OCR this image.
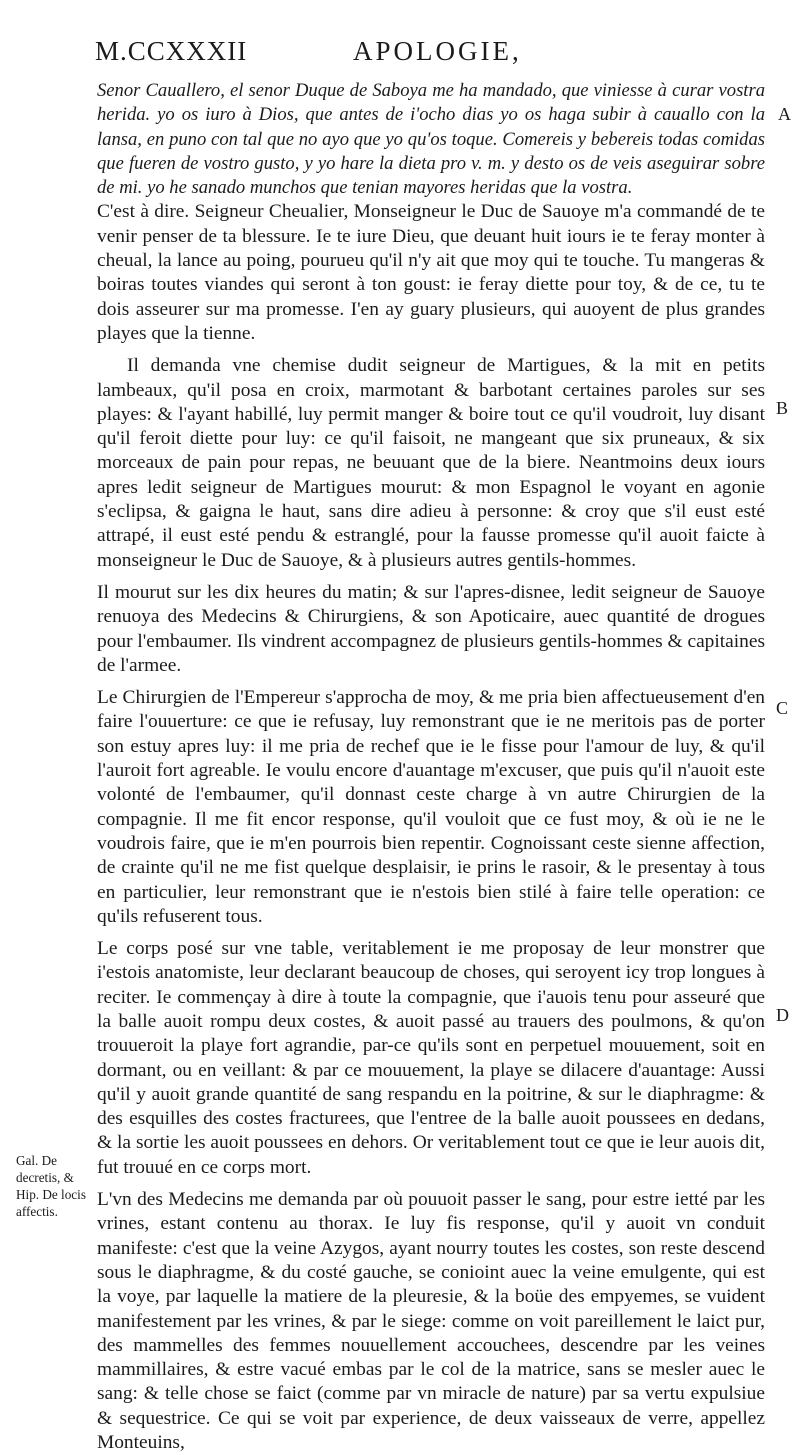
M.CCXXXII	APOLOGIE,

Senor Cauallero, el senor Duque de Saboya me ha mandado, que viniesse à curar vostra herida. yo os iuro à Dios, que antes de i'ocho dias yo os haga subir à cauallo con la lansa, en puno con tal que no ayo que yo qu'os toque. Comereis y bebereis todas comidas que fueren de vostro gusto, y yo hare la dieta pro v. m. y desto os de veis aseguirar sobre de mi. yo he sanado munchos que tenian mayores heridas que la vostra.

C'est à dire. Seigneur Cheualier, Monseigneur le Duc de Sauoye m'a commandé de te venir penser de ta blessure. Ie te iure Dieu, que deuant huit iours ie te feray monter à cheual, la lance au poing, pourueu qu'il n'y ait que moy qui te touche. Tu mangeras & boiras toutes viandes qui seront à ton goust: ie feray diette pour toy, & de ce, tu te dois asseurer sur ma promesse. I'en ay guary plusieurs, qui auoyent de plus grandes playes que la tienne.

Il demanda vne chemise dudit seigneur de Martigues, & la mit en petits lambeaux, qu'il posa en croix, marmotant & barbotant certaines paroles sur ses playes: & l'ayant habillé, luy permit manger & boire tout ce qu'il voudroit, luy disant qu'il feroit diette pour luy: ce qu'il faisoit, ne mangeant que six pruneaux, & six morceaux de pain pour repas, ne beuuant que de la biere. Neantmoins deux iours apres ledit seigneur de Martigues mourut: & mon Espagnol le voyant en agonie s'eclipsa, & gaigna le haut, sans dire adieu à personne: & croy que s'il eust esté attrapé, il eust esté pendu & estranglé, pour la fausse promesse qu'il auoit faicte à monseigneur le Duc de Sauoye, & à plusieurs autres gentils-hommes.

Il mourut sur les dix heures du matin; & sur l'apres-disnee, ledit seigneur de Sauoye renuoya des Medecins & Chirurgiens, & son Apoticaire, auec quantité de drogues pour l'embaumer. Ils vindrent accompagnez de plusieurs gentils-hommes & capitaines de l'armee.

Le Chirurgien de l'Empereur s'approcha de moy, & me pria bien affectueusement d'en faire l'ouuerture: ce que ie refusay, luy remonstrant que ie ne meritois pas de porter son estuy apres luy: il me pria de rechef que ie le fisse pour l'amour de luy, & qu'il l'auroit fort agreable. Ie voulu encore d'auantage m'excuser, que puis qu'il n'auoit este volonté de l'embaumer, qu'il donnast ceste charge à vn autre Chirurgien de la compagnie. Il me fit encor response, qu'il vouloit que ce fust moy, & où ie ne le voudrois faire, que ie m'en pourrois bien repentir. Cognoissant ceste sienne affection, de crainte qu'il ne me fist quelque desplaisir, ie prins le rasoir, & le presentay à tous en particulier, leur remonstrant que ie n'estois bien stilé à faire telle operation: ce qu'ils refuserent tous.

Le corps posé sur vne table, veritablement ie me proposay de leur monstrer que i'estois anatomiste, leur declarant beaucoup de choses, qui seroyent icy trop longues à reciter. Ie commençay à dire à toute la compagnie, que i'auois tenu pour asseuré que la balle auoit rompu deux costes, & auoit passé au trauers des poulmons, & qu'on trouueroit la playe fort agrandie, par-ce qu'ils sont en perpetuel mouuement, soit en dormant, ou en veillant: & par ce mouuement, la playe se dilacere d'auantage: Aussi qu'il y auoit grande quantité de sang respandu en la poitrine, & sur le diaphragme: & des esquilles des costes fracturees, que l'entree de la balle auoit poussees en dedans, & la sortie les auoit poussees en dehors. Or veritablement tout ce que ie leur auois dit, fut trouué en ce corps mort.

L'vn des Medecins me demanda par où pouuoit passer le sang, pour estre ietté par les vrines, estant contenu au thorax. Ie luy fis response, qu'il y auoit vn conduit manifeste: c'est que la veine Azygos, ayant nourry toutes les costes, son reste descend sous le diaphragme, & du costé gauche, se conioint auec la veine emulgente, qui est la voye, par laquelle la matiere de la pleuresie, & la boüe des empyemes, se vuident manifestement par les vrines, & par le siege: comme on voit pareillement le laict pur, des mammelles des femmes nouuellement accouchees, descendre par les veines mammillaires, & estre vacué embas par le col de la matrice, sans se mesler auec le sang: & telle chose se faict (comme par vn miracle de nature) par sa vertu expulsiue & sequestrice. Ce qui se voit par experience, de deux vaisseaux de verre, appellez Monteuins,

A
B
C
D
Gal. De decretis, & Hip. De locis affectis.
